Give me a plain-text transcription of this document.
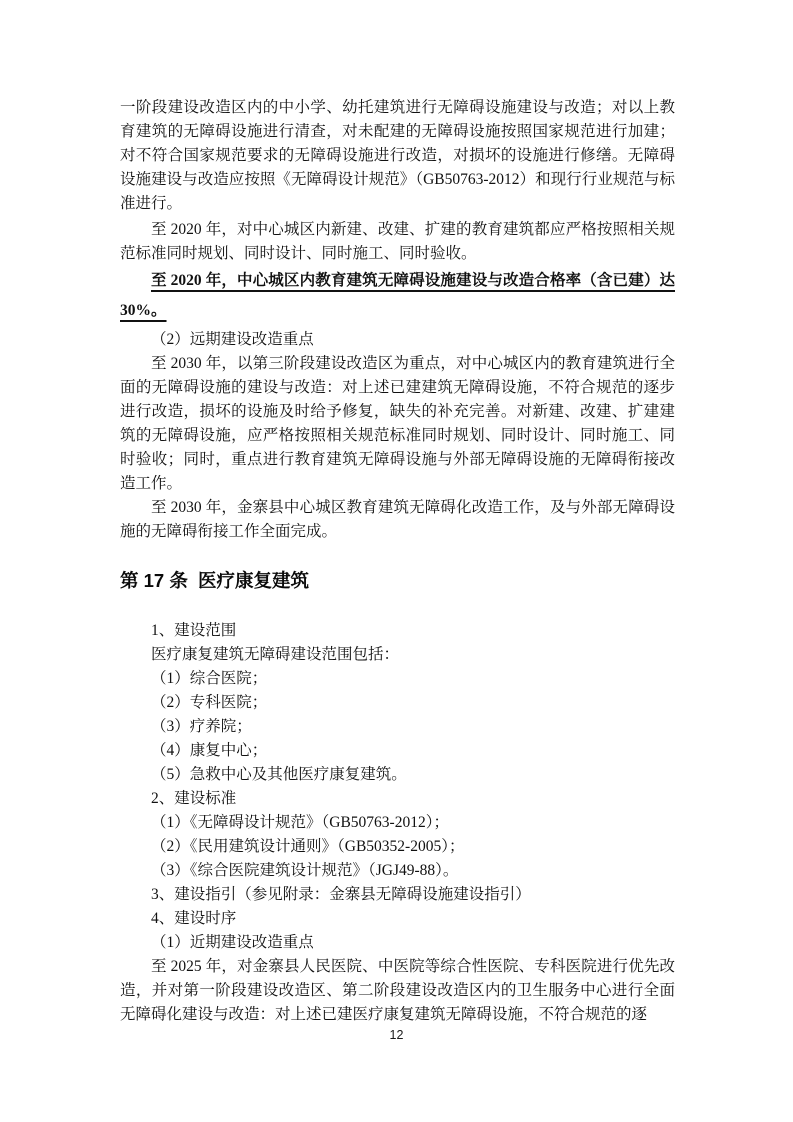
一阶段建设改造区内的中小学、幼托建筑进行无障碍设施建设与改造；对以上教育建筑的无障碍设施进行清查，对未配建的无障碍设施按照国家规范进行加建；对不符合国家规范要求的无障碍设施进行改造，对损坏的设施进行修缮。无障碍设施建设与改造应按照《无障碍设计规范》（GB50763-2012）和现行行业规范与标准进行。

至 2020 年，对中心城区内新建、改建、扩建的教育建筑都应严格按照相关规范标准同时规划、同时设计、同时施工、同时验收。

至 2020 年，中心城区内教育建筑无障碍设施建设与改造合格率（含已建）达 30%。

（2）远期建设改造重点

至 2030 年，以第三阶段建设改造区为重点，对中心城区内的教育建筑进行全面的无障碍设施的建设与改造：对上述已建建筑无障碍设施，不符合规范的逐步进行改造，损坏的设施及时给予修复，缺失的补充完善。对新建、改建、扩建建筑的无障碍设施，应严格按照相关规范标准同时规划、同时设计、同时施工、同时验收；同时，重点进行教育建筑无障碍设施与外部无障碍设施的无障碍衔接改造工作。

至 2030 年，金寨县中心城区教育建筑无障碍化改造工作，及与外部无障碍设施的无障碍衔接工作全面完成。

第 17 条 医疗康复建筑

1、建设范围

医疗康复建筑无障碍建设范围包括：

（1）综合医院；

（2）专科医院；

（3）疗养院；

（4）康复中心；

（5）急救中心及其他医疗康复建筑。

2、建设标准

（1）《无障碍设计规范》（GB50763-2012）；

（2）《民用建筑设计通则》（GB50352-2005）；

（3）《综合医院建筑设计规范》（JGJ49-88）。

3、建设指引（参见附录：金寨县无障碍设施建设指引）

4、建设时序

（1）近期建设改造重点

至 2025 年，对金寨县人民医院、中医院等综合性医院、专科医院进行优先改造，并对第一阶段建设改造区、第二阶段建设改造区内的卫生服务中心进行全面无障碍化建设与改造：对上述已建医疗康复建筑无障碍设施，不符合规范的逐

12
